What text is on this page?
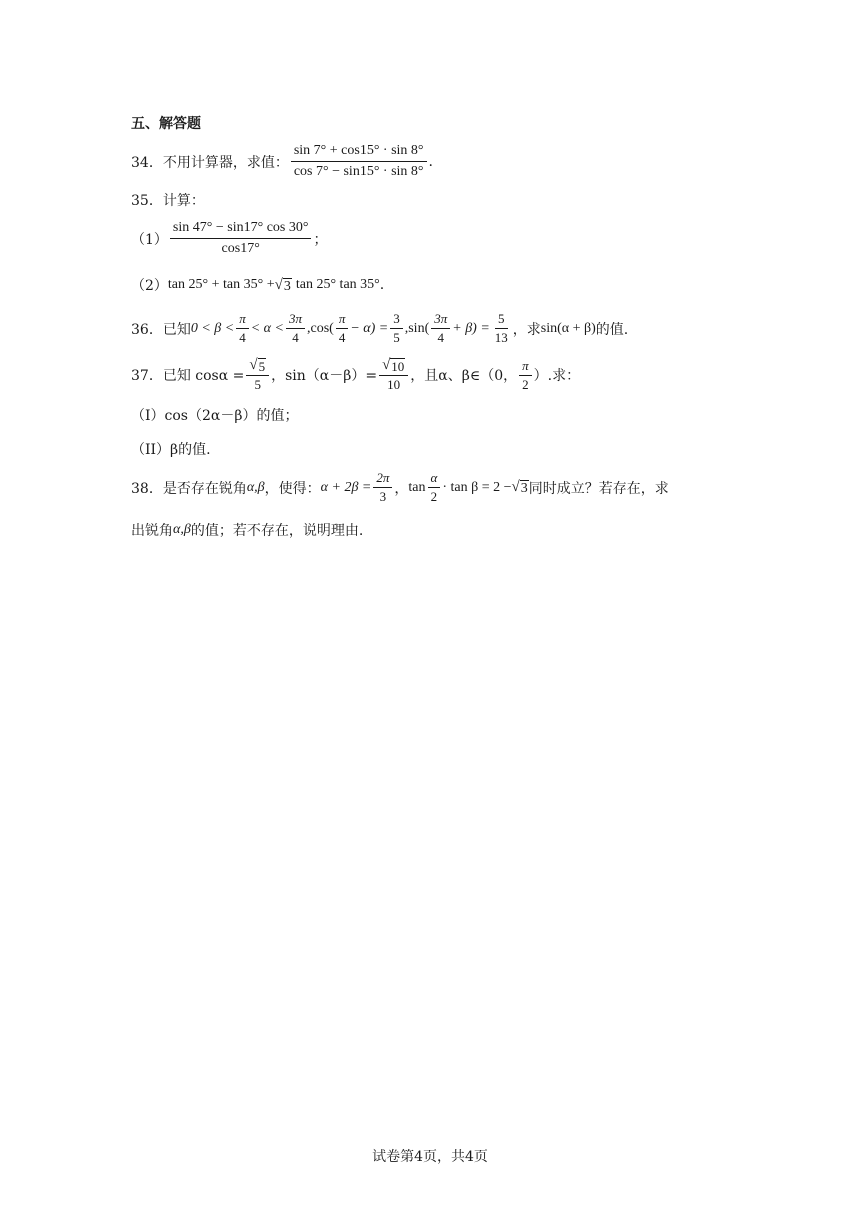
五、解答题
34．不用计算器，求值： $\frac{\sin 7^\circ + \cos 15^\circ \cdot \sin 8^\circ}{\cos 7^\circ - \sin 15^\circ \cdot \sin 8^\circ}$ .
35．计算：
$(1) \frac{\sin 47^\circ - \sin 17^\circ \cos 30^\circ}{\cos 17^\circ}$ ；
（2） tan 25° + tan 35° + √ 3 tan 25° tan 35° .
36．已知 $0 < \beta < \frac{\pi}{4} < \alpha < \frac{3\pi}{4} ,\cos( \frac{\pi}{4} - \alpha) = \frac{3}{5} ,\sin( \frac{3\pi}{4} + \beta) = \frac{5}{13}$ ，求 sin(α + β) 的值.
37．已知 $\cos\alpha = \frac{√ 5}{5}$ ，$\sin(\alpha-\beta)= \frac{√ 10}{10}$ ，且α、β∈（0， $\frac{\pi}{2}$ ）.求：
（I）cos（2α－β）的值；
（II）β的值.
38．是否存在锐角 α,β ，使得： $\alpha + 2\beta = \frac{2\pi}{3}$ ， $\tan \frac{\alpha}{2} \cdot \tan \beta = 2$ − √ 3 同时成立？若存在，求
出锐角 α,β 的值；若不存在，说明理由.
试卷第4页，共4页
